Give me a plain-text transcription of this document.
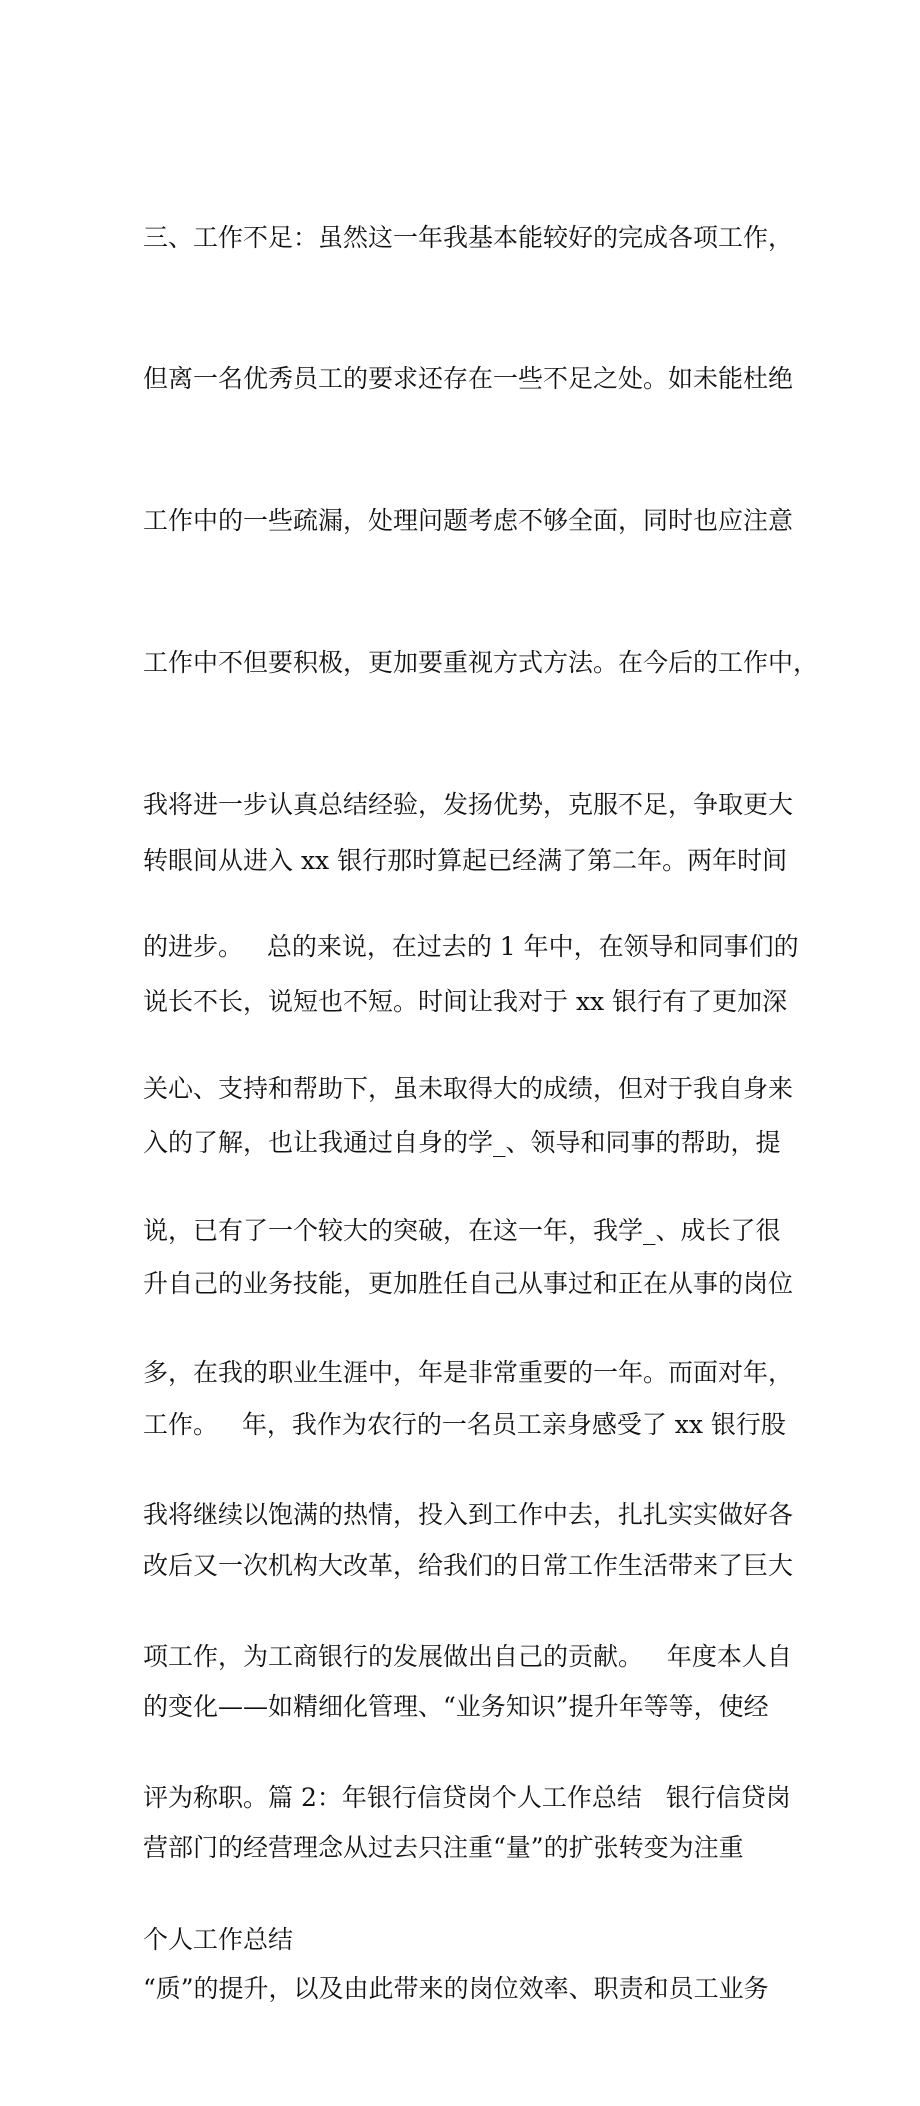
三、工作不足：虽然这一年我基本能较好的完成各项工作，

但离一名优秀员工的要求还存在一些不足之处。如未能杜绝

工作中的一些疏漏，处理问题考虑不够全面，同时也应注意

工作中不但要积极，更加要重视方式方法。在今后的工作中，

我将进一步认真总结经验，发扬优势，克服不足，争取更大

的进步。   总的来说，在过去的 1 年中，在领导和同事们的

关心、支持和帮助下，虽未取得大的成绩，但对于我自身来

说，已有了一个较大的突破，在这一年，我学_、成长了很

多，在我的职业生涯中，年是非常重要的一年。而面对年，

我将继续以饱满的热情，投入到工作中去，扎扎实实做好各

项工作，为工商银行的发展做出自己的贡献。   年度本人自

评为称职。篇 2：年银行信贷岗个人工作总结   银行信贷岗

个人工作总结

转眼间从进入 xx 银行那时算起已经满了第二年。两年时间

说长不长，说短也不短。时间让我对于 xx 银行有了更加深

入的了解，也让我通过自身的学_、领导和同事的帮助，提

升自己的业务技能，更加胜任自己从事过和正在从事的岗位

工作。   年，我作为农行的一名员工亲身感受了 xx 银行股

改后又一次机构大改革，给我们的日常工作生活带来了巨大

的变化——如精细化管理、“业务知识”提升年等等，使经

营部门的经营理念从过去只注重“量”的扩张转变为注重

“质”的提升，以及由此带来的岗位效率、职责和员工业务
